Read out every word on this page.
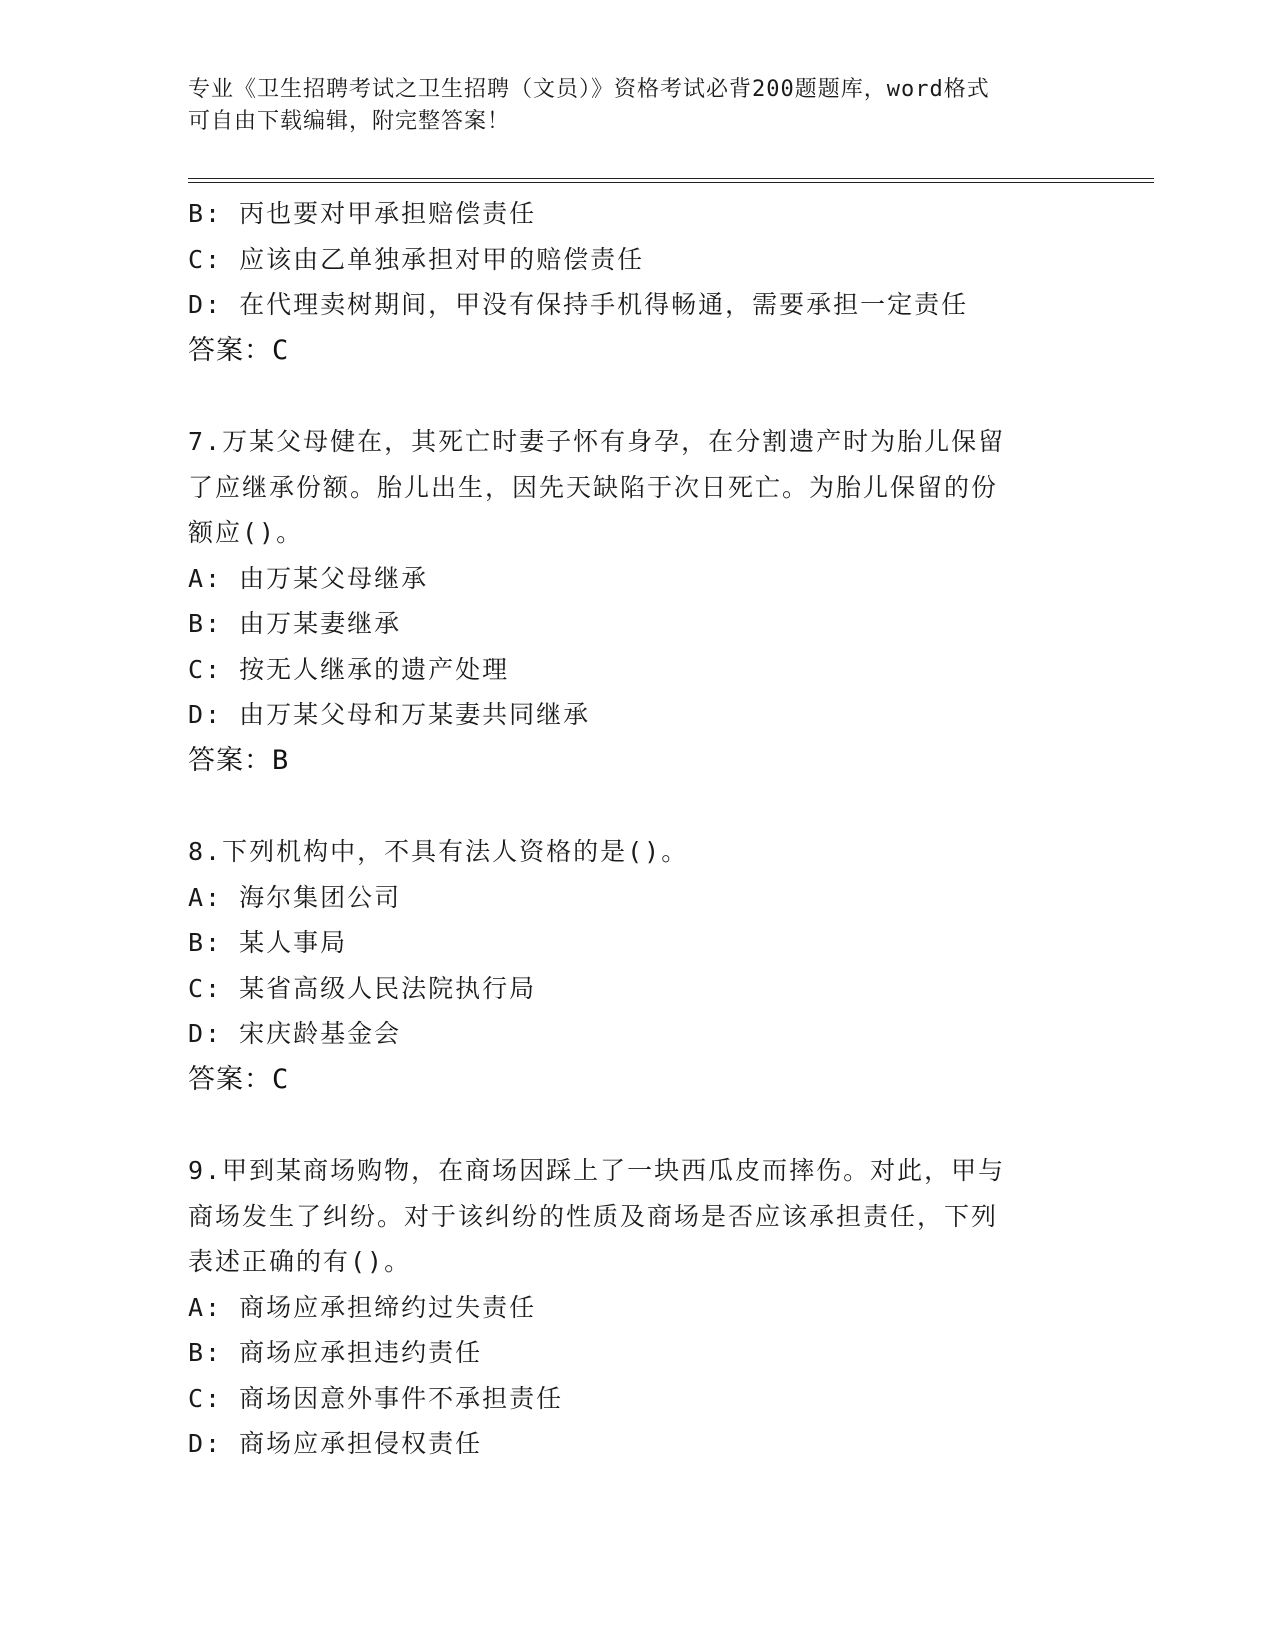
专业《卫生招聘考试之卫生招聘（文员）》资格考试必背200题题库，word格式
可自由下载编辑，附完整答案！
B: 丙也要对甲承担赔偿责任
C: 应该由乙单独承担对甲的赔偿责任
D: 在代理卖树期间，甲没有保持手机得畅通，需要承担一定责任
答案：C
7.万某父母健在，其死亡时妻子怀有身孕，在分割遗产时为胎儿保留
了应继承份额。胎儿出生，因先天缺陷于次日死亡。为胎儿保留的份
额应()。
A: 由万某父母继承
B: 由万某妻继承
C: 按无人继承的遗产处理
D: 由万某父母和万某妻共同继承
答案：B
8.下列机构中，不具有法人资格的是()。
A: 海尔集团公司
B: 某人事局
C: 某省高级人民法院执行局
D: 宋庆龄基金会
答案：C
9.甲到某商场购物，在商场因踩上了一块西瓜皮而摔伤。对此，甲与
商场发生了纠纷。对于该纠纷的性质及商场是否应该承担责任，下列
表述正确的有()。
A: 商场应承担缔约过失责任
B: 商场应承担违约责任
C: 商场因意外事件不承担责任
D: 商场应承担侵权责任
